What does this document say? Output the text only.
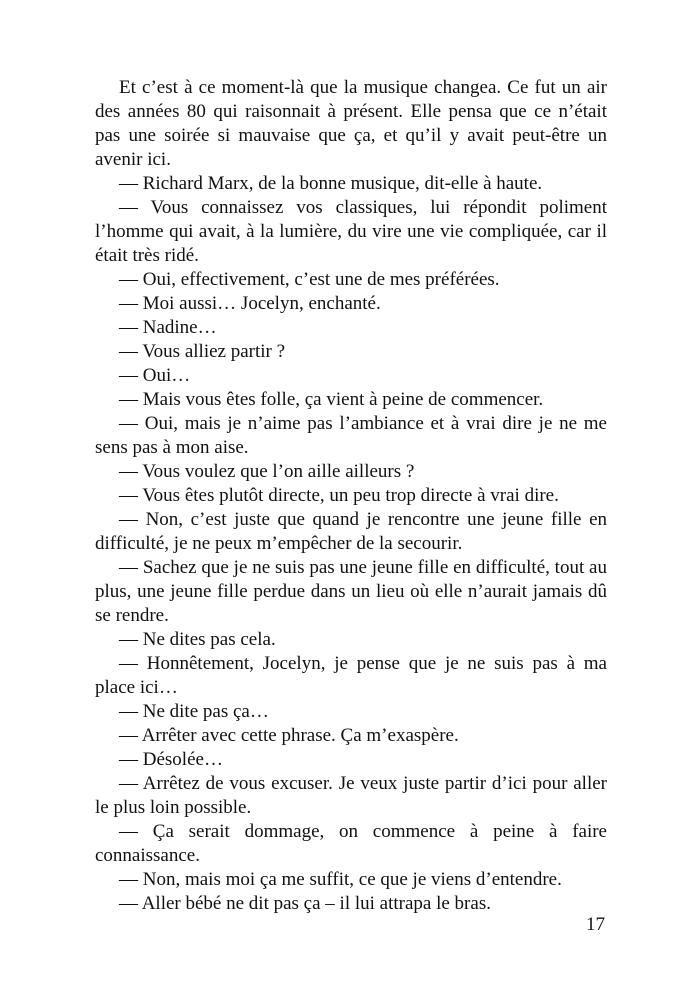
Et c’est à ce moment-là que la musique changea. Ce fut un air des années 80 qui raisonnait à présent. Elle pensa que ce n’était pas une soirée si mauvaise que ça, et qu’il y avait peut-être un avenir ici.

— Richard Marx, de la bonne musique, dit-elle à haute.

— Vous connaissez vos classiques, lui répondit poliment l’homme qui avait, à la lumière, du vire une vie compliquée, car il était très ridé.

— Oui, effectivement, c’est une de mes préférées.

— Moi aussi… Jocelyn, enchanté.

— Nadine…

— Vous alliez partir ?

— Oui…

— Mais vous êtes folle, ça vient à peine de commencer.

— Oui, mais je n’aime pas l’ambiance et à vrai dire je ne me sens pas à mon aise.

— Vous voulez que l’on aille ailleurs ?

— Vous êtes plutôt directe, un peu trop directe à vrai dire.

— Non, c’est juste que quand je rencontre une jeune fille en difficulté, je ne peux m’empêcher de la secourir.

— Sachez que je ne suis pas une jeune fille en difficulté, tout au plus, une jeune fille perdue dans un lieu où elle n’aurait jamais dû se rendre.

— Ne dites pas cela.

— Honnêtement, Jocelyn, je pense que je ne suis pas à ma place ici…

— Ne dite pas ça…

— Arrêter avec cette phrase. Ça m’exaspère.

— Désolée…

— Arrêtez de vous excuser. Je veux juste partir d’ici pour aller le plus loin possible.

— Ça serait dommage, on commence à peine à faire connaissance.

— Non, mais moi ça me suffit, ce que je viens d’entendre.

— Aller bébé ne dit pas ça – il lui attrapa le bras.

17
